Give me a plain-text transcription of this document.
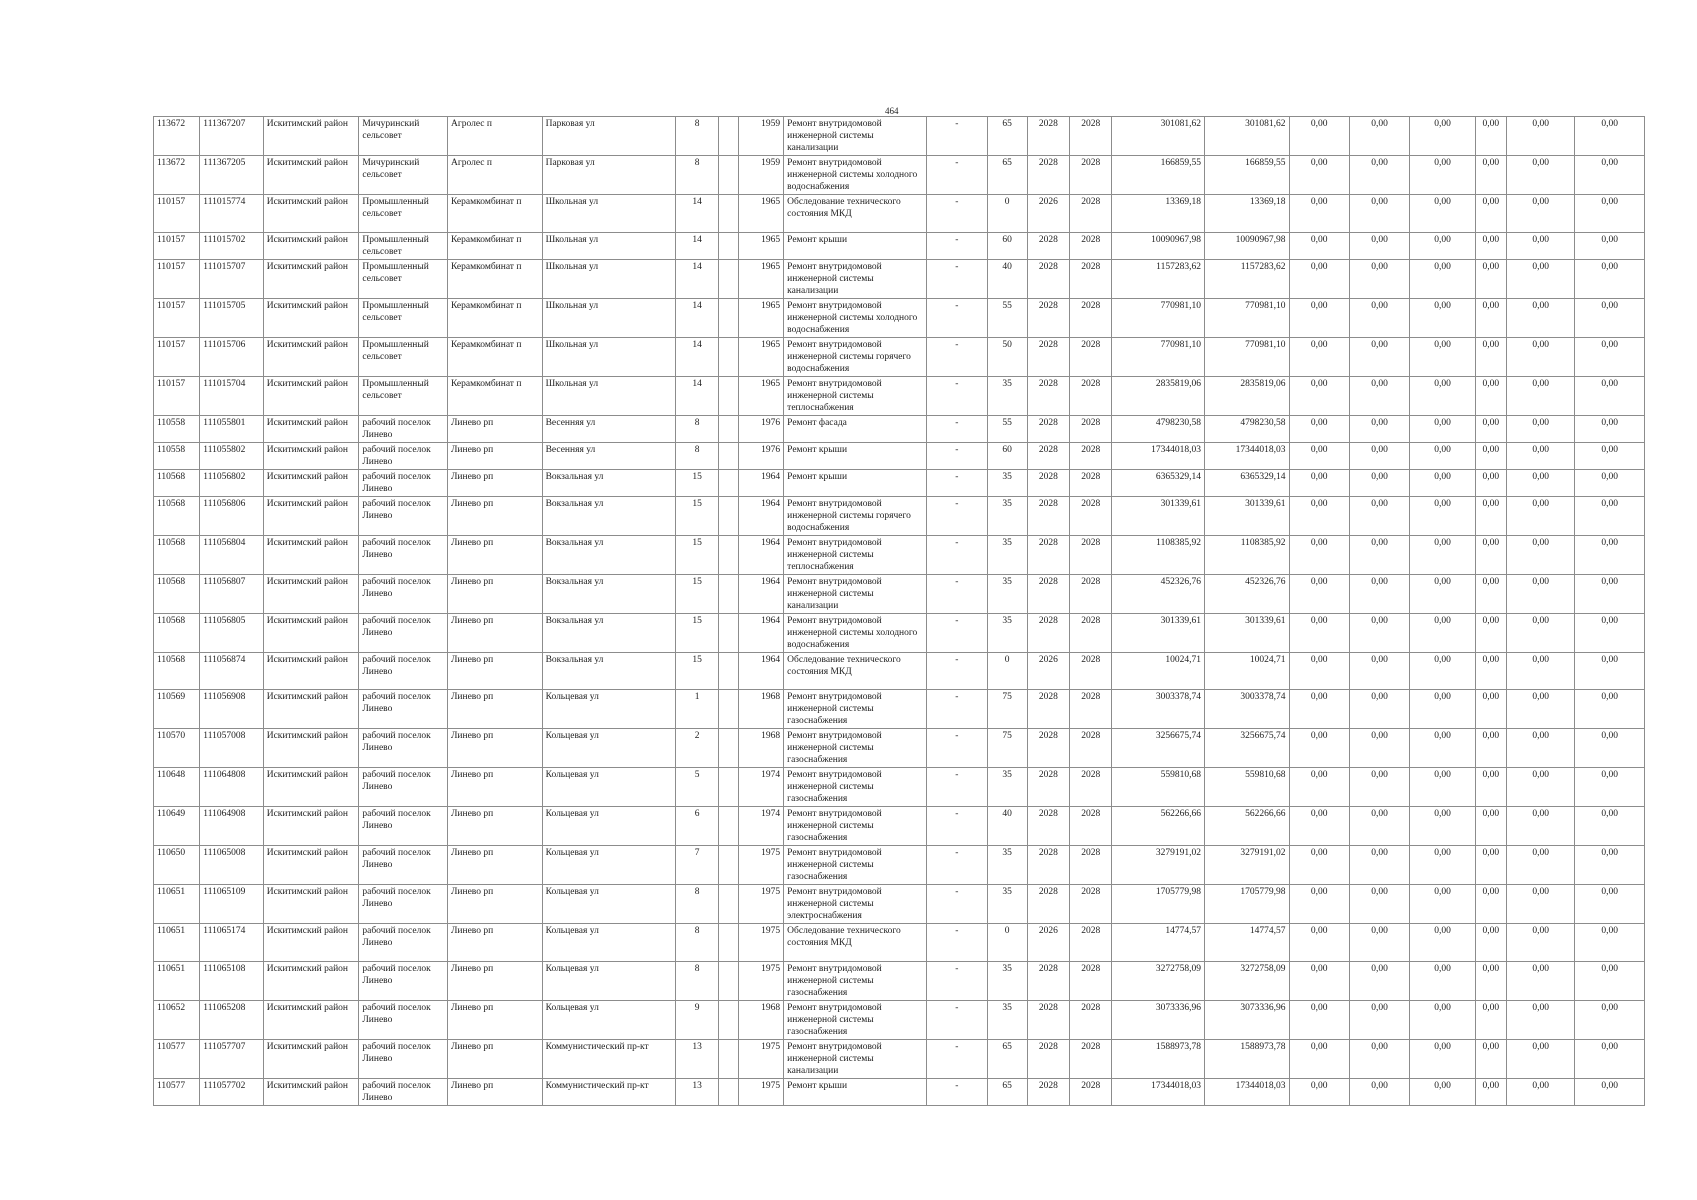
464
113672	111367207	Искитимский район	Мичуринский сельсовет	Агролес п	Парковая ул	8		1959	Ремонт внутридомовой инженерной системы канализации	-	65	2028	2028	301081,62	301081,62	0,00	0,00	0,00	0,00	0,00	0,00
113672	111367205	Искитимский район	Мичуринский сельсовет	Агролес п	Парковая ул	8		1959	Ремонт внутридомовой инженерной системы холодного водоснабжения	-	65	2028	2028	166859,55	166859,55	0,00	0,00	0,00	0,00	0,00	0,00
110157	111015774	Искитимский район	Промышленный сельсовет	Керамкомбинат п	Школьная ул	14		1965	Обследование технического состояния МКД	-	0	2026	2028	13369,18	13369,18	0,00	0,00	0,00	0,00	0,00	0,00
110157	111015702	Искитимский район	Промышленный сельсовет	Керамкомбинат п	Школьная ул	14		1965	Ремонт крыши	-	60	2028	2028	10090967,98	10090967,98	0,00	0,00	0,00	0,00	0,00	0,00
110157	111015707	Искитимский район	Промышленный сельсовет	Керамкомбинат п	Школьная ул	14		1965	Ремонт внутридомовой инженерной системы канализации	-	40	2028	2028	1157283,62	1157283,62	0,00	0,00	0,00	0,00	0,00	0,00
110157	111015705	Искитимский район	Промышленный сельсовет	Керамкомбинат п	Школьная ул	14		1965	Ремонт внутридомовой инженерной системы холодного водоснабжения	-	55	2028	2028	770981,10	770981,10	0,00	0,00	0,00	0,00	0,00	0,00
110157	111015706	Искитимский район	Промышленный сельсовет	Керамкомбинат п	Школьная ул	14		1965	Ремонт внутридомовой инженерной системы горячего водоснабжения	-	50	2028	2028	770981,10	770981,10	0,00	0,00	0,00	0,00	0,00	0,00
110157	111015704	Искитимский район	Промышленный сельсовет	Керамкомбинат п	Школьная ул	14		1965	Ремонт внутридомовой инженерной системы теплоснабжения	-	35	2028	2028	2835819,06	2835819,06	0,00	0,00	0,00	0,00	0,00	0,00
110558	111055801	Искитимский район	рабочий поселок Линево	Линево рп	Весенняя ул	8		1976	Ремонт фасада	-	55	2028	2028	4798230,58	4798230,58	0,00	0,00	0,00	0,00	0,00	0,00
110558	111055802	Искитимский район	рабочий поселок Линево	Линево рп	Весенняя ул	8		1976	Ремонт крыши	-	60	2028	2028	17344018,03	17344018,03	0,00	0,00	0,00	0,00	0,00	0,00
110568	111056802	Искитимский район	рабочий поселок Линево	Линево рп	Вокзальная ул	15		1964	Ремонт крыши	-	35	2028	2028	6365329,14	6365329,14	0,00	0,00	0,00	0,00	0,00	0,00
110568	111056806	Искитимский район	рабочий поселок Линево	Линево рп	Вокзальная ул	15		1964	Ремонт внутридомовой инженерной системы горячего водоснабжения	-	35	2028	2028	301339,61	301339,61	0,00	0,00	0,00	0,00	0,00	0,00
110568	111056804	Искитимский район	рабочий поселок Линево	Линево рп	Вокзальная ул	15		1964	Ремонт внутридомовой инженерной системы теплоснабжения	-	35	2028	2028	1108385,92	1108385,92	0,00	0,00	0,00	0,00	0,00	0,00
110568	111056807	Искитимский район	рабочий поселок Линево	Линево рп	Вокзальная ул	15		1964	Ремонт внутридомовой инженерной системы канализации	-	35	2028	2028	452326,76	452326,76	0,00	0,00	0,00	0,00	0,00	0,00
110568	111056805	Искитимский район	рабочий поселок Линево	Линево рп	Вокзальная ул	15		1964	Ремонт внутридомовой инженерной системы холодного водоснабжения	-	35	2028	2028	301339,61	301339,61	0,00	0,00	0,00	0,00	0,00	0,00
110568	111056874	Искитимский район	рабочий поселок Линево	Линево рп	Вокзальная ул	15		1964	Обследование технического состояния МКД	-	0	2026	2028	10024,71	10024,71	0,00	0,00	0,00	0,00	0,00	0,00
110569	111056908	Искитимский район	рабочий поселок Линево	Линево рп	Кольцевая ул	1		1968	Ремонт внутридомовой инженерной системы газоснабжения	-	75	2028	2028	3003378,74	3003378,74	0,00	0,00	0,00	0,00	0,00	0,00
110570	111057008	Искитимский район	рабочий поселок Линево	Линево рп	Кольцевая ул	2		1968	Ремонт внутридомовой инженерной системы газоснабжения	-	75	2028	2028	3256675,74	3256675,74	0,00	0,00	0,00	0,00	0,00	0,00
110648	111064808	Искитимский район	рабочий поселок Линево	Линево рп	Кольцевая ул	5		1974	Ремонт внутридомовой инженерной системы газоснабжения	-	35	2028	2028	559810,68	559810,68	0,00	0,00	0,00	0,00	0,00	0,00
110649	111064908	Искитимский район	рабочий поселок Линево	Линево рп	Кольцевая ул	6		1974	Ремонт внутридомовой инженерной системы газоснабжения	-	40	2028	2028	562266,66	562266,66	0,00	0,00	0,00	0,00	0,00	0,00
110650	111065008	Искитимский район	рабочий поселок Линево	Линево рп	Кольцевая ул	7		1975	Ремонт внутридомовой инженерной системы газоснабжения	-	35	2028	2028	3279191,02	3279191,02	0,00	0,00	0,00	0,00	0,00	0,00
110651	111065109	Искитимский район	рабочий поселок Линево	Линево рп	Кольцевая ул	8		1975	Ремонт внутридомовой инженерной системы электроснабжения	-	35	2028	2028	1705779,98	1705779,98	0,00	0,00	0,00	0,00	0,00	0,00
110651	111065174	Искитимский район	рабочий поселок Линево	Линево рп	Кольцевая ул	8		1975	Обследование технического состояния МКД	-	0	2026	2028	14774,57	14774,57	0,00	0,00	0,00	0,00	0,00	0,00
110651	111065108	Искитимский район	рабочий поселок Линево	Линево рп	Кольцевая ул	8		1975	Ремонт внутридомовой инженерной системы газоснабжения	-	35	2028	2028	3272758,09	3272758,09	0,00	0,00	0,00	0,00	0,00	0,00
110652	111065208	Искитимский район	рабочий поселок Линево	Линево рп	Кольцевая ул	9		1968	Ремонт внутридомовой инженерной системы газоснабжения	-	35	2028	2028	3073336,96	3073336,96	0,00	0,00	0,00	0,00	0,00	0,00
110577	111057707	Искитимский район	рабочий поселок Линево	Линево рп	Коммунистический пр-кт	13		1975	Ремонт внутридомовой инженерной системы канализации	-	65	2028	2028	1588973,78	1588973,78	0,00	0,00	0,00	0,00	0,00	0,00
110577	111057702	Искитимский район	рабочий поселок Линево	Линево рп	Коммунистический пр-кт	13		1975	Ремонт крыши	-	65	2028	2028	17344018,03	17344018,03	0,00	0,00	0,00	0,00	0,00	0,00
